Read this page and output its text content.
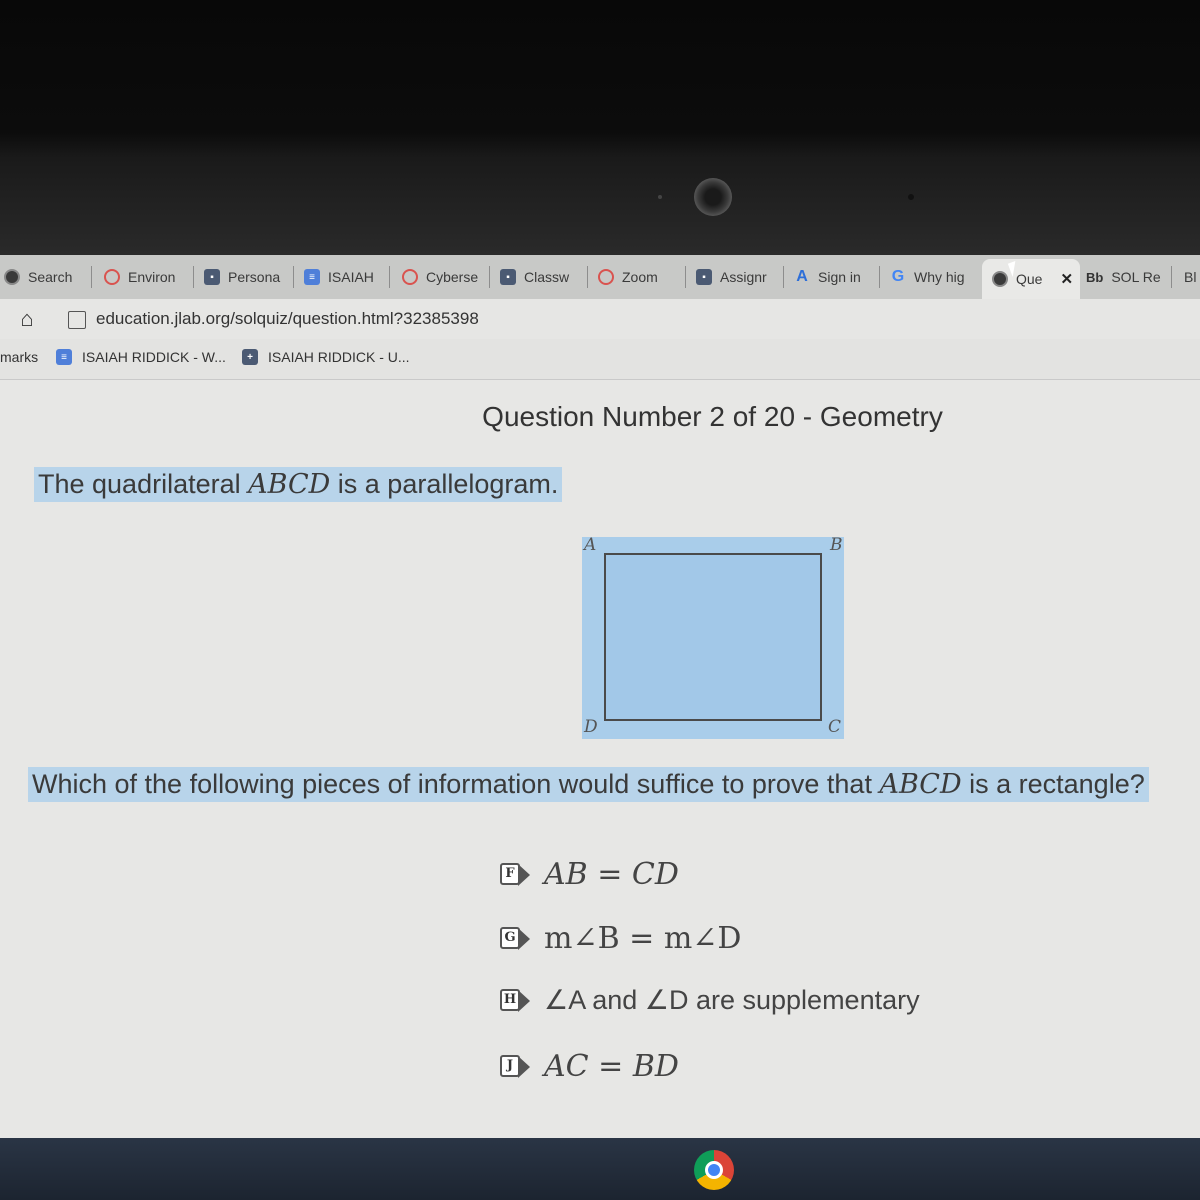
Search	Environ	▪	Persona	≡ ISAIAH	Cyberse	▪	Classw	Zoom	▪	Assignr A Sign in G Why hig	Que ✕ Bb SOL Re Bl
⌂	education.jlab.org/solquiz/question.html?32385398
marks	≡	ISAIAH RIDDICK - W...	+	ISAIAH RIDDICK - U...
Question Number 2 of 20 - Geometry
The quadrilateral ABCD is a parallelogram.
A	B
C
D
Which of the following pieces of information would suffice to prove that ABCD is a rectangle?
F AB = CD
G m∠B = m∠D
H ∠A and ∠D are supplementary
J AC = BD
